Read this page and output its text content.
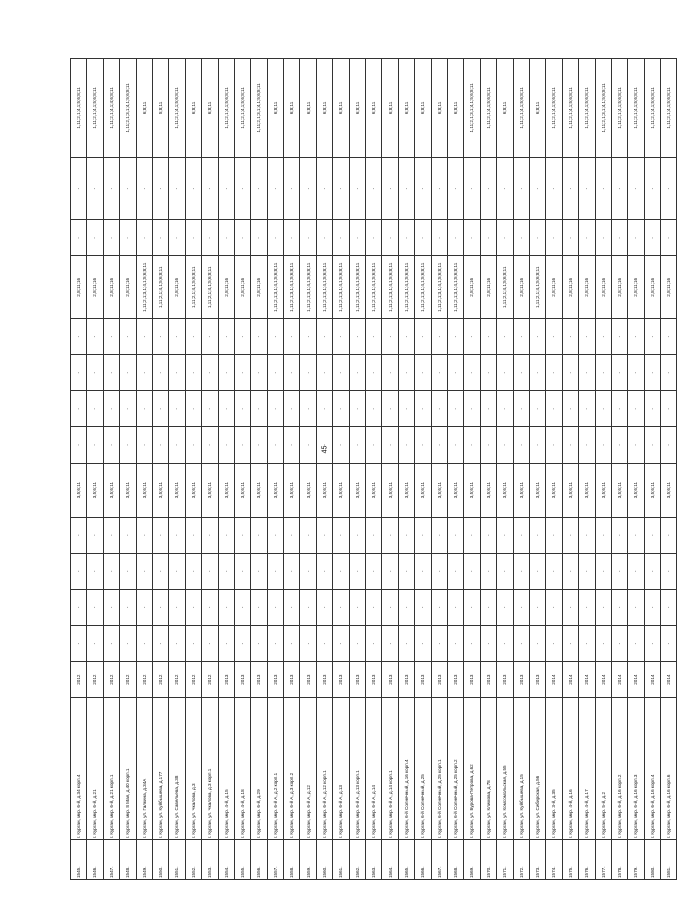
45
1545.	г. Курган, мкр. 6-й, д.34 корп.4	2012	-	-	-	-	3,5;6;11	-	-	-	-	2,8;11;16	-	-	1,11;2,1;4,1;5;6;8;11
1546.	г. Курган, мкр. 6-й, д.21	2012	-	-	-	-	3,5;6;11	-	-	-	-	2,8;11;16	-	-	1,11;2,1;4,1;5;6;8;11
1547.	г. Курган, мкр. 6-й, д.21 корп.1	2012	-	-	-	-	3,5;6;11	-	-	-	-	2,8;11;16	-	-	1,11;2,1;4,1;4;6;8;11
1548.	г. Курган, мкр. 8 Мая, д.40 корп.1	2012	-	-	-	-	3,5;6;11	-	-	-	-	2,8;11;16	-	-	1,11;2,1;3,1;4,1;5;6;8;11
1549.	г. Курган, ул. Галкина, д.34А	2012	-	-	-	-	3,5;6;11	-	-	-	-	1,11;2,1;3,1;4,1;5;6;8;11	-	-	6;8;11
1550.	г. Курган, ул. Куйбышева, д.177	2012	-	-	-	-	3,5;6;11	-	-	-	-	1,11;2,1;4,1;5;6;8;11	-	-	5;8;11
1551.	г. Курган, ул. Савельева, д.38	2012	-	-	-	-	3,5;6;11	-	-	-	-	2,8;11;16	-	-	1,11;2,1;4,1;5;6;8;11
1552.	г. Курган, ул. Чкалова, д.3	2012	-	-	-	-	3,5;6;11	-	-	-	-	1,11;2,1;4,1;5;6;8;11	-	-	6;8;11
1553.	г. Курган, ул. Чкалова, д.3 корп.1	2012	-	-	-	-	3,5;6;11	-	-	-	-	1,11;2,1;4,1;5;6;8;11	-	-	6;8;11
1554.	г. Курган, мкр. 4-й, д.15	2013	-	-	-	-	3,5;6;11	-	-	-	-	2,8;11;16	-	-	1,11;2,1;4,1;5;6;8;11
1555.	г. Курган, мкр. 4-й, д.18	2013	-	-	-	-	3,5;6;11	-	-	-	-	2,8;11;16	-	-	1,11;2,1;4,1;5;6;8;11
1556.	г. Курган, мкр. 6-й, д.29	2013	-	-	-	-	3,5;6;11	-	-	-	-	2,8;11;16	-	-	1,11;2,1;3,1;4,1;5;6;8;11
1557.	г. Курган, мкр. 6-й А, д.2 корп.1	2013	-	-	-	-	3,5;6;11	-	-	-	-	1,11;2,1;3,1;4,1;5;6;8;11	-	-	6;8;11
1558.	г. Курган, мкр. 6-й А, д.3 корп.2	2013	-	-	-	-	3,5;6;11	-	-	-	-	1,11;2,1;3,1;4,1;5;6;8;11	-	-	6;8;11
1559.	г. Курган, мкр. 6-й А, д.12	2013	-	-	-	-	3,5;6;11	-	-	-	-	1,11;2,1;3,1;4,1;5;6;8;11	-	-	6;8;11
1560.	г. Курган, мкр. 6-й А, д.12 корп.1	2013	-	-	-	-	3,5;6;11	-	-	-	-	1,11;2,1;3,1;4,1;5;6;8;11	-	-	6;8;11
1561.	г. Курган, мкр. 6-й А, д.13	2013	-	-	-	-	3,5;6;11	-	-	-	-	1,11;2,1;3,1;4,1;5;6;8;11	-	-	6;8;11
1562.	г. Курган, мкр. 6-й А, д.13 корп.1	2013	-	-	-	-	3,5;6;11	-	-	-	-	1,11;2,1;3,1;4,1;5;6;8;11	-	-	6;8;11
1563.	г. Курган, мкр. 6-й А, д.14	2013	-	-	-	-	3,5;6;11	-	-	-	-	1,11;2,1;3,1;4,1;5;6;8;11	-	-	6;8;11
1564.	г. Курган, мкр. 6-й А, д.14 корп.1	2013	-	-	-	-	3,5;6;11	-	-	-	-	1,11;2,1;3,1;4,1;5;6;8;11	-	-	6;8;11
1565.	г. Курган, 6-й Солнечный, д.16 корп.4	2013	-	-	-	-	3,5;6;11	-	-	-	-	1,11;2,1;3,1;4,1;5;6;8;11	-	-	6;8;11
1566.	г. Курган, 6-й Солнечный, д.25	2013	-	-	-	-	3,5;6;11	-	-	-	-	1,11;2,1;3,1;4,1;5;6;8;11	-	-	6;8;11
1567.	г. Курган, 6-й Солнечный, д.25 корп.1	2013	-	-	-	-	3,5;6;11	-	-	-	-	1,11;2,1;3,1;4,1;5;6;8;11	-	-	6;8;11
1568.	г. Курган, 6-й Солнечный, д.25 корп.2	2013	-	-	-	-	3,5;6;11	-	-	-	-	1,11;2,1;3,1;4,1;5;6;8;11	-	-	6;8;11
1569.	г. Курган, ул. Бурова-Петрова, д.62	2013	-	-	-	-	3,5;6;11	-	-	-	-	2,8;11;16	-	-	1,11;2,1;3,1;4,1;5;6;8;11
1570.	г. Курган, ул. Климова, д.78	2013	-	-	-	-	3,5;6;11	-	-	-	-	2,8;11;16	-	-	1,11;2,1;4,1;5;6;8;11
1571.	г. Курган, ул. Комсомольская, д.55	2013	-	-	-	-	3,5;6;11	-	-	-	-	1,11;2,1;4,1;5;6;8;11	-	-	6;8;11
1572.	г. Курган, ул. Куйбышева, д.15	2013	-	-	-	-	3,5;6;11	-	-	-	-	2,8;11;16	-	-	1,11;2,1;4,1;5;6;8;11
1573.	г. Курган, ул. Сибирская, д.56	2013	-	-	-	-	3,5;6;11	-	-	-	-	1,11;2,1;4,1;5;6;8;11	-	-	6;8;11
1574.	г. Курган, мкр. 3-й, д.35	2014	-	-	-	-	3,5;6;11	-	-	-	-	2,8;11;16	-	-	1,11;2,1;4,1;5;6;8;11
1575.	г. Курган, мкр. 4-й, д.16	2014	-	-	-	-	3,5;6;11	-	-	-	-	2,8;11;16	-	-	1,11;2,1;4,1;5;6;8;11
1576.	г. Курган, мкр. 4-й, д.17	2014	-	-	-	-	3,5;6;11	-	-	-	-	2,8;11;16	-	-	1,11;2,1;4,1;5;6;8;11
1577.	г. Курган, мкр. 5-й, д.2	2014	-	-	-	-	3,5;6;11	-	-	-	-	2,8;11;16	-	-	1,11;2,1;3,1;4,1;5;6;8;11
1578.	г. Курган, мкр. 6-й, д.16 корп.2	2014	-	-	-	-	3,5;6;11	-	-	-	-	2,8;11;16	-	-	1,11;2,1;4,1;5;6;8;11
1579.	г. Курган, мкр. 6-й, д.16 корп.3	2014	-	-	-	-	3,5;6;11	-	-	-	-	2,8;11;16	-	-	1,11;2,1;4,1;5;6;8;11
1580.	г. Курган, мкр. 6-й, д.16 корп.4	2014	-	-	-	-	3,5;6;11	-	-	-	-	2,8;11;16	-	-	1,11;2,1;4,1;5;6;8;11
1581.	г. Курган, мкр. 6-й, д.16 корп.6	2014	-	-	-	-	3,5;6;11	-	-	-	-	2,8;11;16	-	-	1,11;2,1;4,1;5;6;8;11
